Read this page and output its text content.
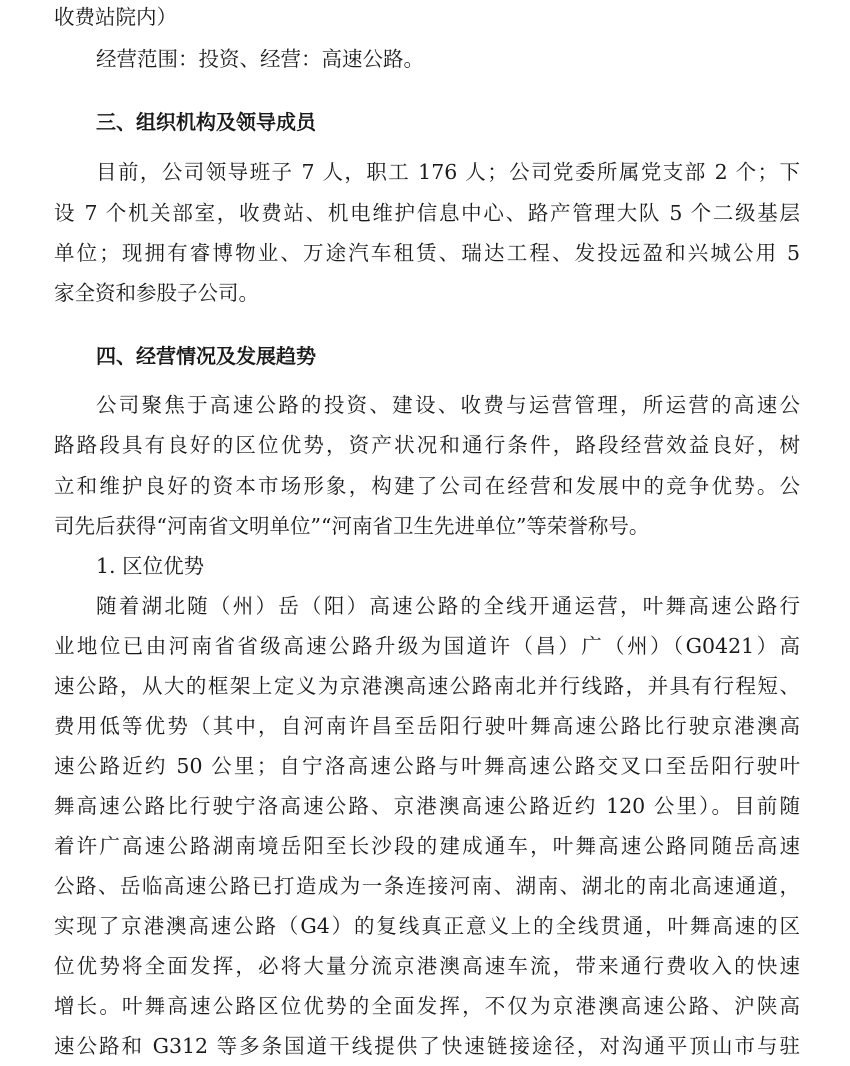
收费站院内）
经营范围：投资、经营：高速公路。
三、组织机构及领导成员
目前，公司领导班子 7 人，职工 176 人；公司党委所属党支部 2 个；下
设 7 个机关部室，收费站、机电维护信息中心、路产管理大队 5 个二级基层
单位；现拥有睿博物业、万途汽车租赁、瑞达工程、发投远盈和兴城公用 5
家全资和参股子公司。
四、经营情况及发展趋势
公司聚焦于高速公路的投资、建设、收费与运营管理，所运营的高速公
路路段具有良好的区位优势，资产状况和通行条件，路段经营效益良好，树
立和维护良好的资本市场形象，构建了公司在经营和发展中的竞争优势。公
司先后获得“河南省文明单位”“河南省卫生先进单位”等荣誉称号。
1. 区位优势
随着湖北随（州）岳（阳）高速公路的全线开通运营，叶舞高速公路行
业地位已由河南省省级高速公路升级为国道许（昌）广（州）（G0421）高
速公路，从大的框架上定义为京港澳高速公路南北并行线路，并具有行程短、
费用低等优势（其中，自河南许昌至岳阳行驶叶舞高速公路比行驶京港澳高
速公路近约 50 公里；自宁洛高速公路与叶舞高速公路交叉口至岳阳行驶叶
舞高速公路比行驶宁洛高速公路、京港澳高速公路近约 120 公里）。目前随
着许广高速公路湖南境岳阳至长沙段的建成通车，叶舞高速公路同随岳高速
公路、岳临高速公路已打造成为一条连接河南、湖南、湖北的南北高速通道，
实现了京港澳高速公路（G4）的复线真正意义上的全线贯通，叶舞高速的区
位优势将全面发挥，必将大量分流京港澳高速车流，带来通行费收入的快速
增长。叶舞高速公路区位优势的全面发挥，不仅为京港澳高速公路、沪陕高
速公路和 G312 等多条国道干线提供了快速链接途径，对沟通平顶山市与驻
